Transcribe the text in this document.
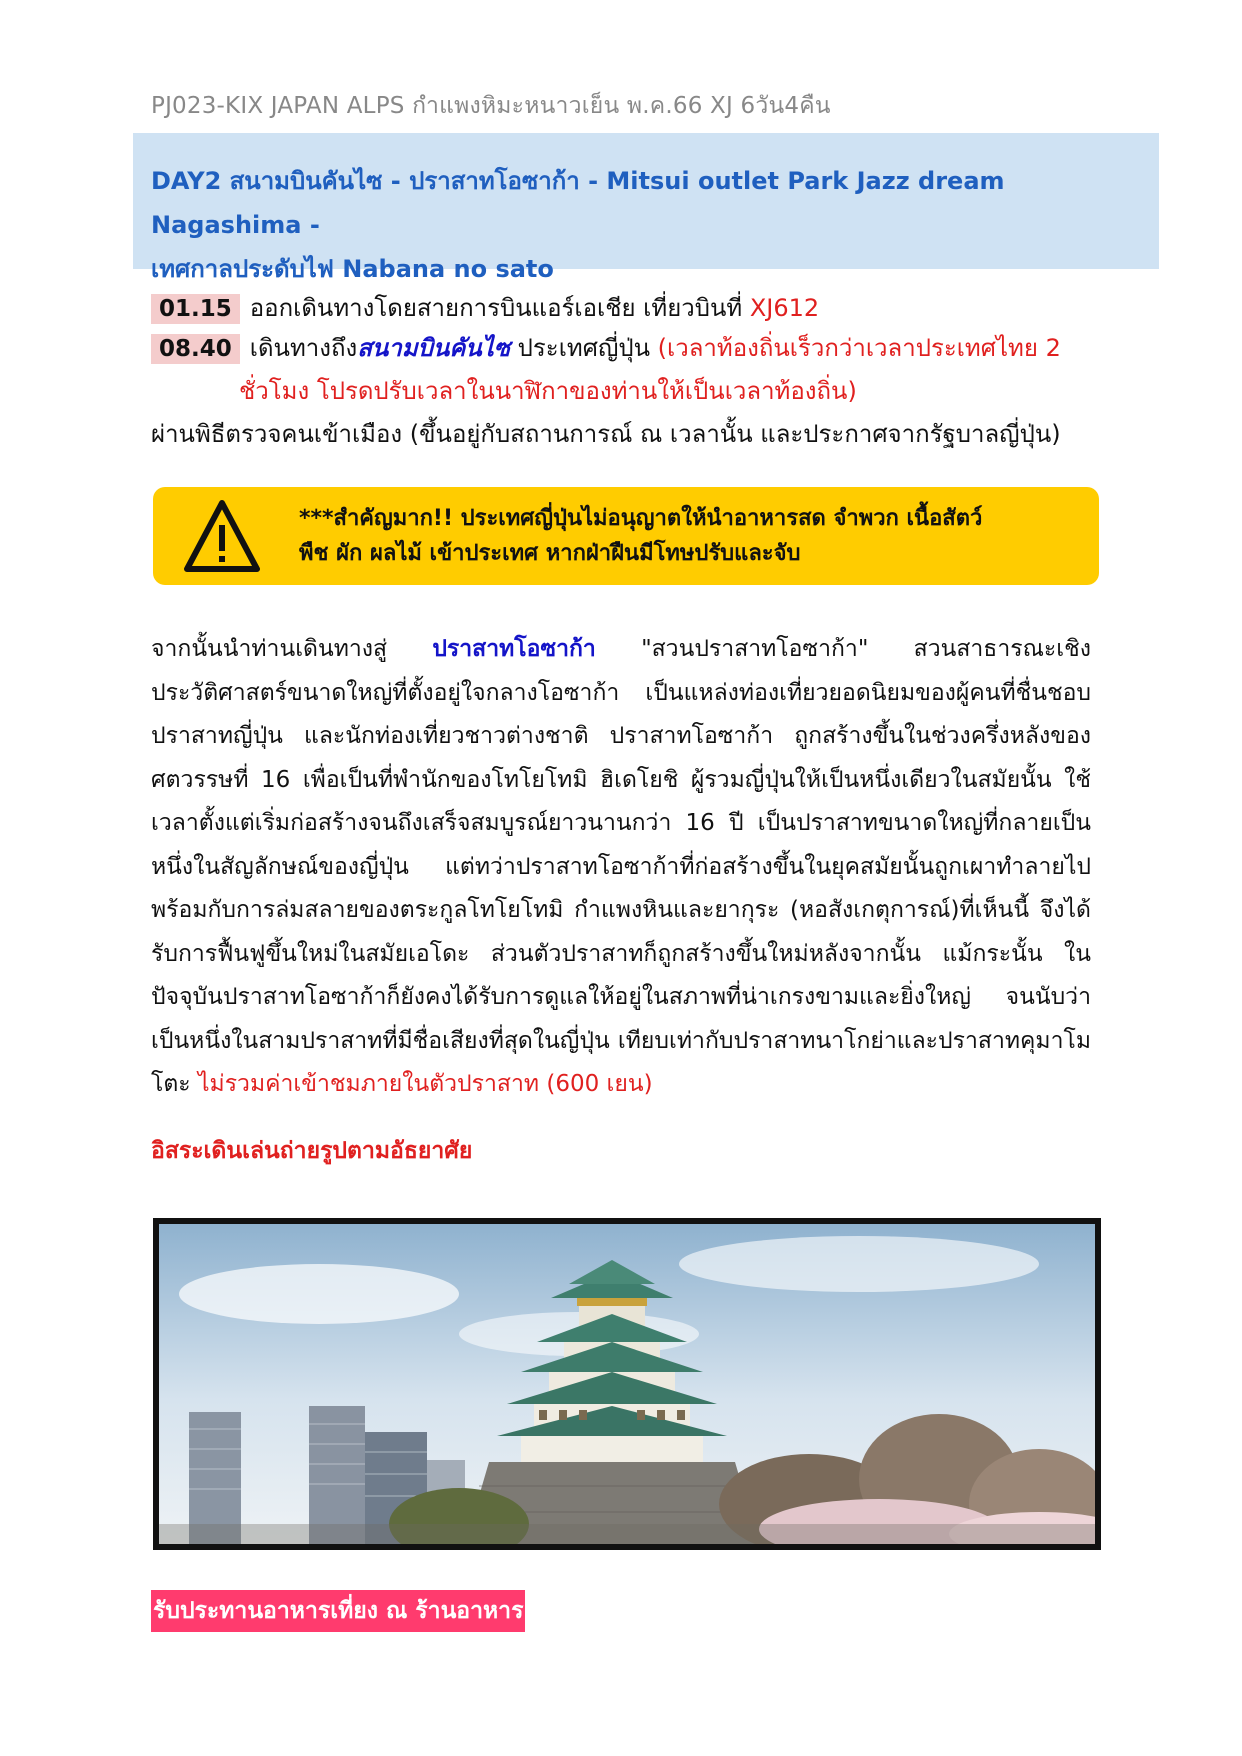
PJ023-KIX JAPAN ALPS กำแพงหิมะหนาวเย็น พ.ค.66 XJ 6วัน4คืน
DAY2 สนามบินคันไซ - ปราสาทโอซาก้า - Mitsui outlet Park Jazz dream Nagashima -
เทศกาลประดับไฟ Nabana no sato
01.15 ออกเดินทางโดยสายการบินแอร์เอเชีย เที่ยวบินที่ XJ612
08.40 เดินทางถึงสนามบินคันไซ ประเทศญี่ปุ่น (เวลาท้องถิ่นเร็วกว่าเวลาประเทศไทย 2
ชั่วโมง โปรดปรับเวลาในนาฬิกาของท่านให้เป็นเวลาท้องถิ่น)
ผ่านพิธีตรวจคนเข้าเมือง (ขึ้นอยู่กับสถานการณ์ ณ เวลานั้น และประกาศจากรัฐบาลญี่ปุ่น)
***สำคัญมาก!! ประเทศญี่ปุ่นไม่อนุญาตให้นำอาหารสด จำพวก เนื้อสัตว์
พืช ผัก ผลไม้ เข้าประเทศ หากฝ่าฝืนมีโทษปรับและจับ
จากนั้นนำท่านเดินทางสู่ ปราสาทโอซาก้า "สวนปราสาทโอซาก้า" สวนสาธารณะเชิงประวัติศาสตร์ขนาดใหญ่ที่ตั้งอยู่ใจกลางโอซาก้า เป็นแหล่งท่องเที่ยวยอดนิยมของผู้คนที่ชื่นชอบปราสาทญี่ปุ่น และนักท่องเที่ยวชาวต่างชาติ ปราสาทโอซาก้า ถูกสร้างขึ้นในช่วงครึ่งหลังของศตวรรษที่ 16 เพื่อเป็นที่พำนักของโทโยโทมิ ฮิเดโยชิ ผู้รวมญี่ปุ่นให้เป็นหนึ่งเดียวในสมัยนั้น ใช้เวลาตั้งแต่เริ่มก่อสร้างจนถึงเสร็จสมบูรณ์ยาวนานกว่า 16 ปี เป็นปราสาทขนาดใหญ่ที่กลายเป็นหนึ่งในสัญลักษณ์ของญี่ปุ่น แต่ทว่าปราสาทโอซาก้าที่ก่อสร้างขึ้นในยุคสมัยนั้นถูกเผาทำลายไปพร้อมกับการล่มสลายของตระกูลโทโยโทมิ กำแพงหินและยากุระ (หอสังเกตุการณ์)ที่เห็นนี้ จึงได้รับการฟื้นฟูขึ้นใหม่ในสมัยเอโดะ ส่วนตัวปราสาทก็ถูกสร้างขึ้นใหม่หลังจากนั้น แม้กระนั้น ในปัจจุบันปราสาทโอซาก้าก็ยังคงได้รับการดูแลให้อยู่ในสภาพที่น่าเกรงขามและยิ่งใหญ่ จนนับว่าเป็นหนึ่งในสามปราสาทที่มีชื่อเสียงที่สุดในญี่ปุ่น เทียบเท่ากับปราสาทนาโกย่าและปราสาทคุมาโมโตะ ไม่รวมค่าเข้าชมภายในตัวปราสาท (600 เยน)
อิสระเดินเล่นถ่ายรูปตามอัธยาศัย
รับประทานอาหารเที่ยง ณ ร้านอาหาร
